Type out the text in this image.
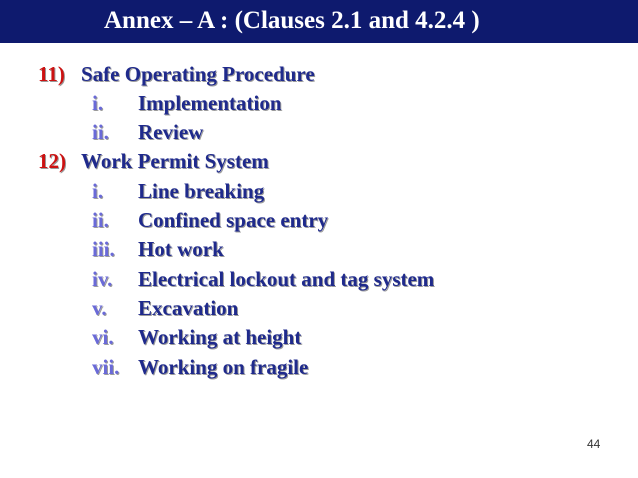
Annex – A : (Clauses 2.1 and 4.2.4 )
11) Safe Operating Procedure
i. Implementation
ii. Review
12) Work Permit System
i. Line breaking
ii. Confined space entry
iii. Hot work
iv. Electrical lockout and tag system
v. Excavation
vi. Working at height
vii. Working on fragile
44
